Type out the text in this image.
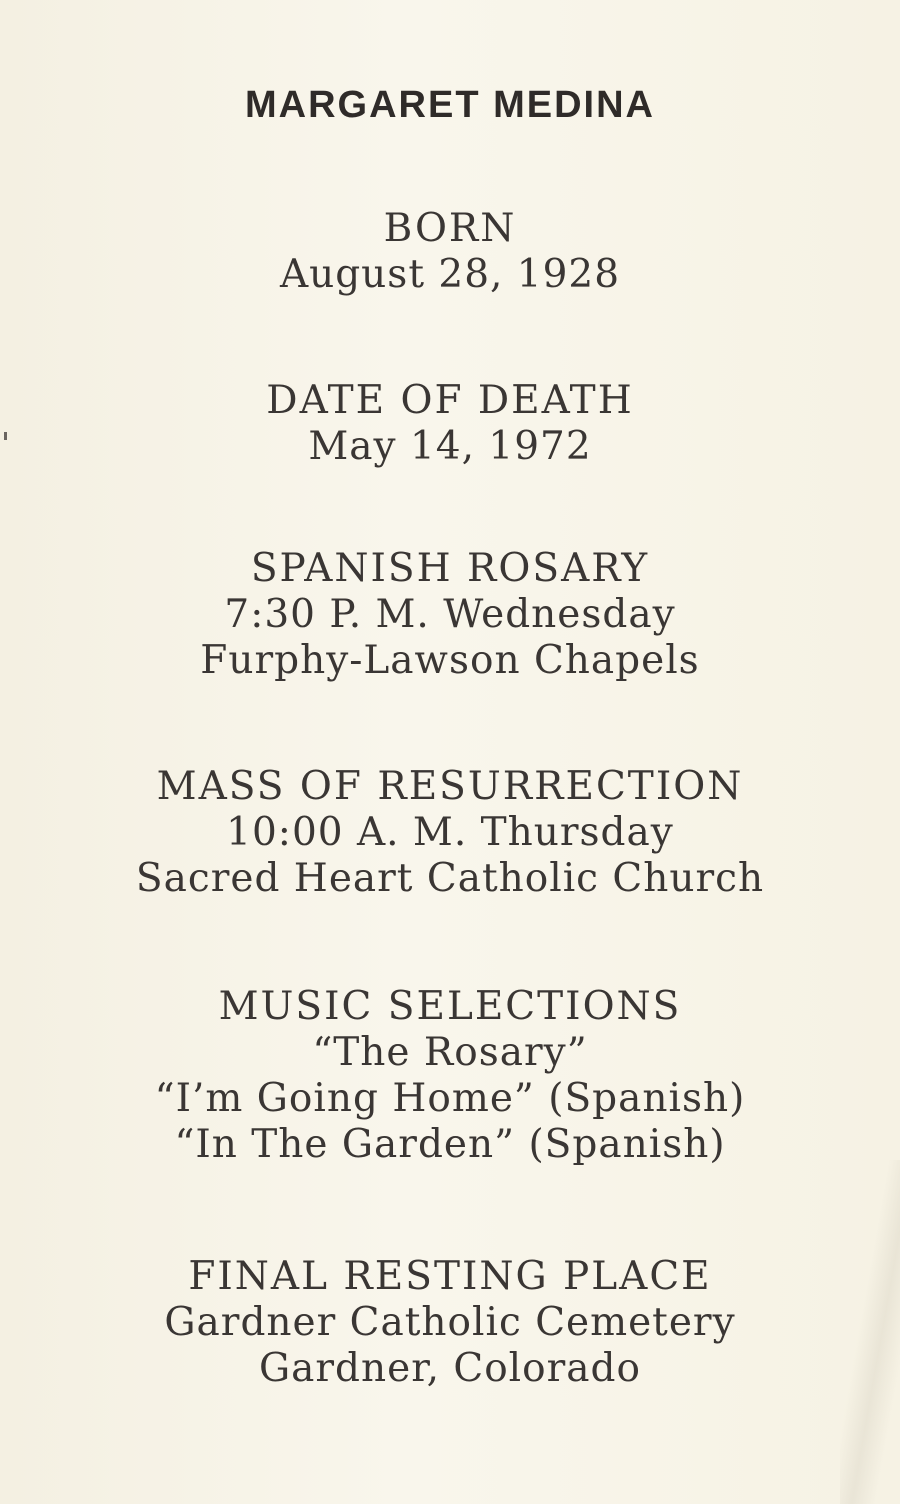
MARGARET MEDINA
BORN
August 28, 1928
DATE OF DEATH
May 14, 1972
SPANISH ROSARY
7:30 P. M. Wednesday
Furphy-Lawson Chapels
MASS OF RESURRECTION
10:00 A. M. Thursday
Sacred Heart Catholic Church
MUSIC SELECTIONS
“The Rosary”
“I’m Going Home” (Spanish)
“In The Garden” (Spanish)
FINAL RESTING PLACE
Gardner Catholic Cemetery
Gardner, Colorado
